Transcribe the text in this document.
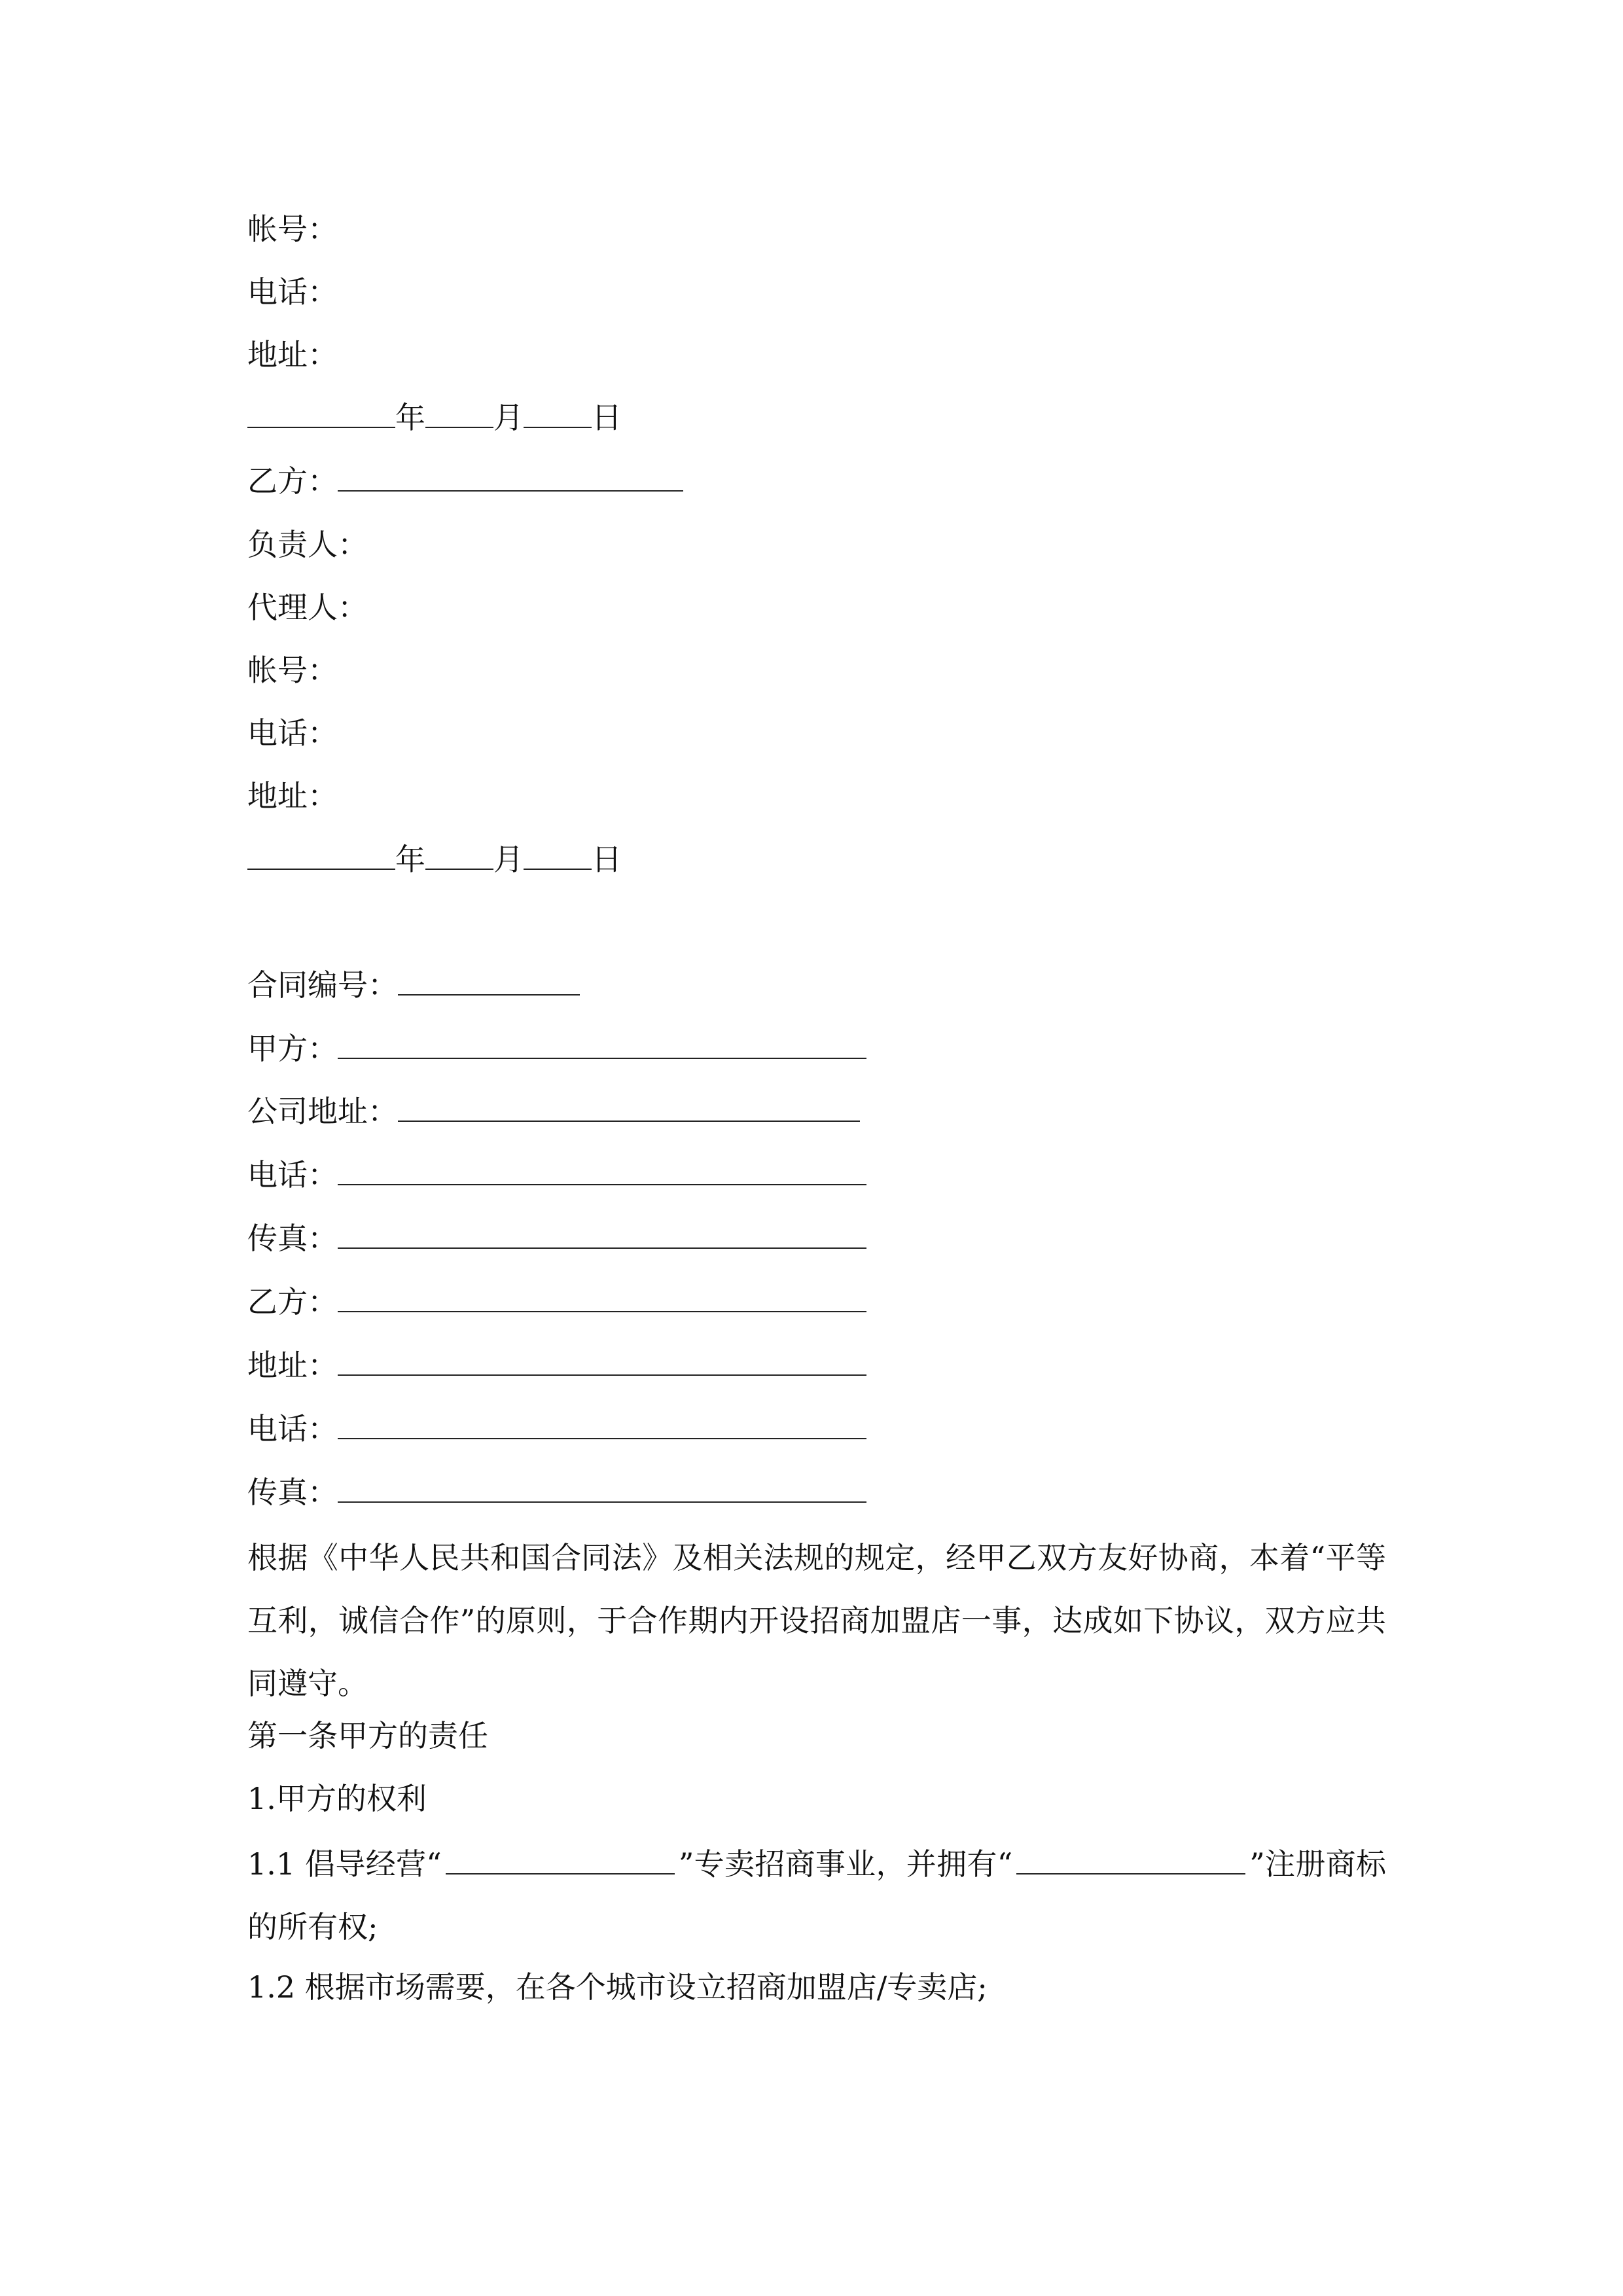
帐号：
电话：
地址：
年 月 日
乙方：
负责人：
代理人：
帐号：
电话：
地址：
年 月 日
合同编号：
甲方：
公司地址：
电话：
传真：
乙方：
地址：
电话：
传真：
根据《中华人民共和国合同法》及相关法规的规定，经甲乙双方友好协商，本着“平等互利，诚信合作”的原则，于合作期内开设招商加盟店一事，达成如下协议，双方应共同遵守。
第一条甲方的责任
1.甲方的权利
1.1 倡导经营“	”专卖招商事业，并拥有“	”注册商标的所有权;
1.2 根据市场需要，在各个城市设立招商加盟店/专卖店;
